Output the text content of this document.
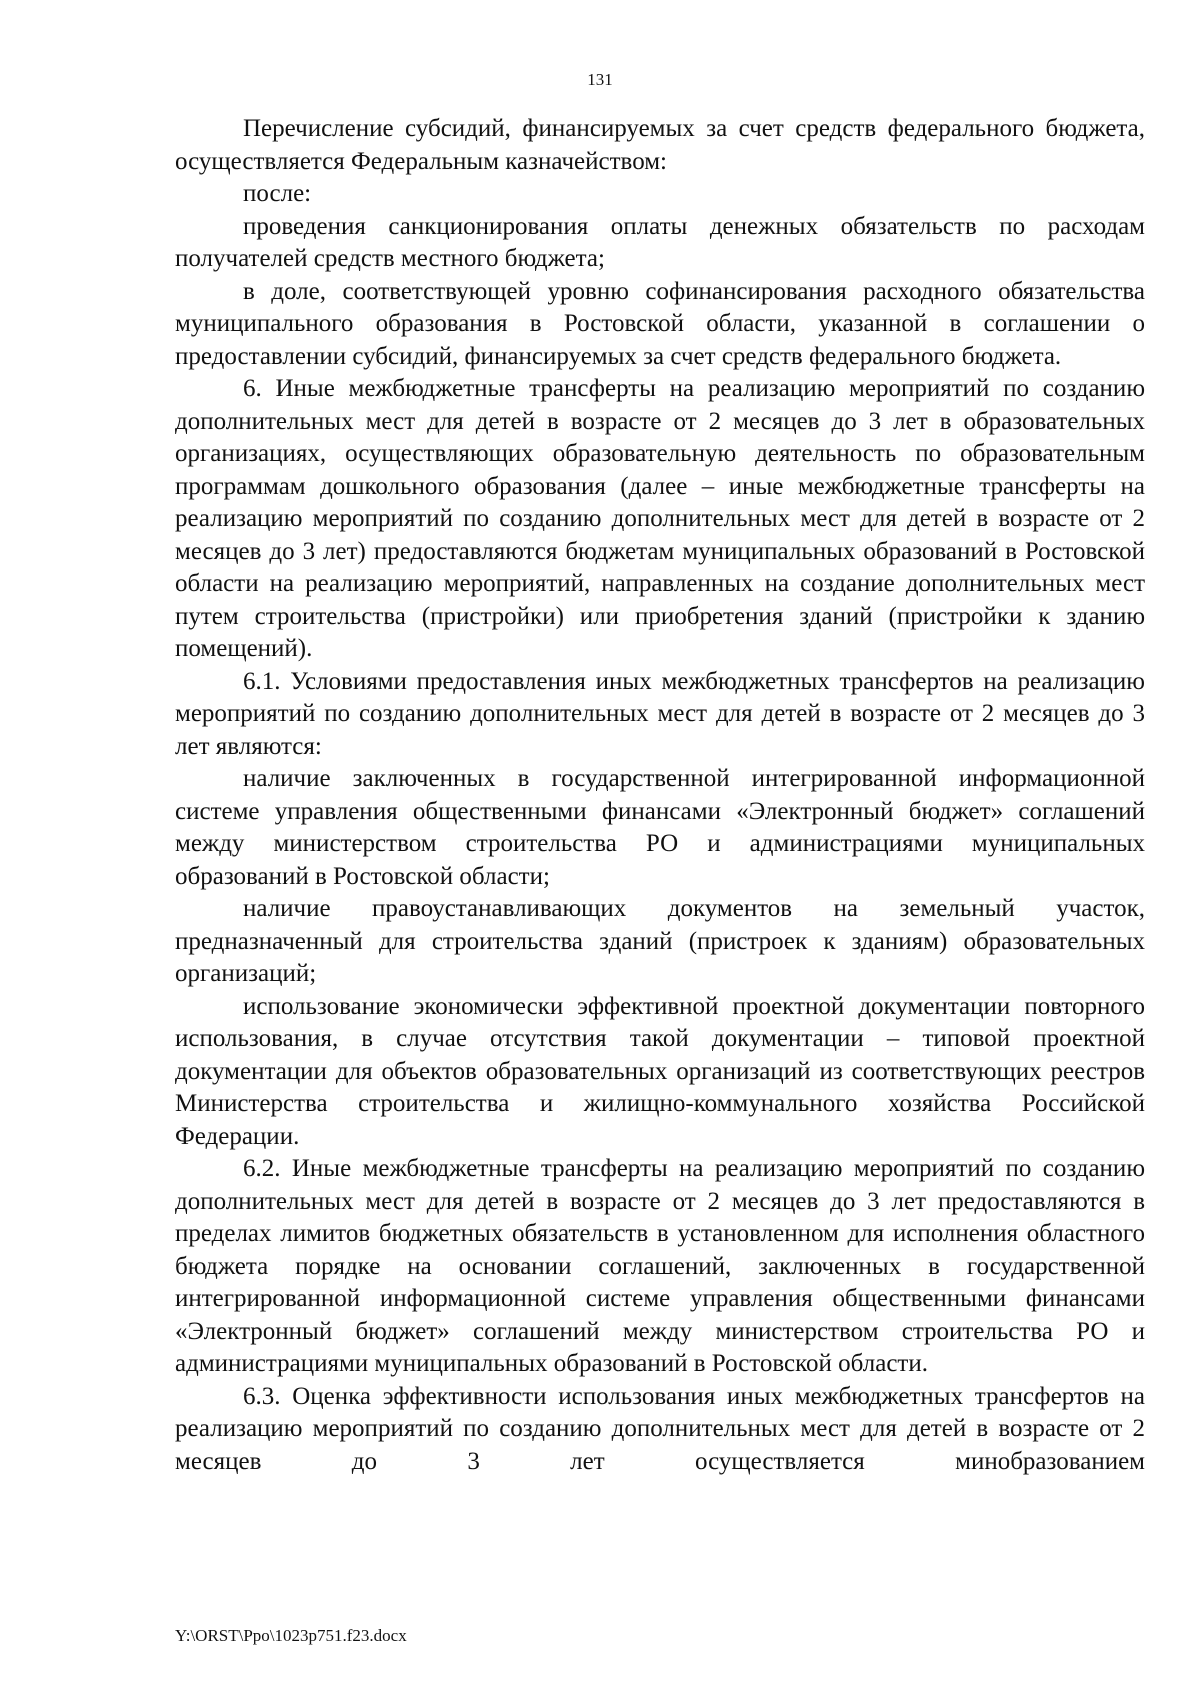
131

Перечисление субсидий, финансируемых за счет средств федерального бюджета, осуществляется Федеральным казначейством:

после:

проведения санкционирования оплаты денежных обязательств по расходам получателей средств местного бюджета;

в доле, соответствующей уровню софинансирования расходного обязательства муниципального образования в Ростовской области, указанной в соглашении о предоставлении субсидий, финансируемых за счет средств федерального бюджета.

6. Иные межбюджетные трансферты на реализацию мероприятий по созданию дополнительных мест для детей в возрасте от 2 месяцев до 3 лет в образовательных организациях, осуществляющих образовательную деятельность по образовательным программам дошкольного образования (далее – иные межбюджетные трансферты на реализацию мероприятий по созданию дополнительных мест для детей в возрасте от 2 месяцев до 3 лет) предоставляются бюджетам муниципальных образований в Ростовской области на реализацию мероприятий, направленных на создание дополнительных мест путем строительства (пристройки) или приобретения зданий (пристройки к зданию помещений).

6.1. Условиями предоставления иных межбюджетных трансфертов на реализацию мероприятий по созданию дополнительных мест для детей в возрасте от 2 месяцев до 3 лет являются:

наличие заключенных в государственной интегрированной информационной системе управления общественными финансами «Электронный бюджет» соглашений между министерством строительства РО и администрациями муниципальных образований в Ростовской области;

наличие правоустанавливающих документов на земельный участок, предназначенный для строительства зданий (пристроек к зданиям) образовательных организаций;

использование экономически эффективной проектной документации повторного использования, в случае отсутствия такой документации – типовой проектной документации для объектов образовательных организаций из соответствующих реестров Министерства строительства и жилищно-коммунального хозяйства Российской Федерации.

6.2. Иные межбюджетные трансферты на реализацию мероприятий по созданию дополнительных мест для детей в возрасте от 2 месяцев до 3 лет предоставляются в пределах лимитов бюджетных обязательств в установленном для исполнения областного бюджета порядке на основании соглашений, заключенных в государственной интегрированной информационной системе управления общественными финансами «Электронный бюджет» соглашений между министерством строительства РО и администрациями муниципальных образований в Ростовской области.

6.3. Оценка эффективности использования иных межбюджетных трансфертов на реализацию мероприятий по созданию дополнительных мест для детей в возрасте от 2 месяцев до 3 лет осуществляется минобразованием

Y:\ORST\Ppo\1023p751.f23.docx
